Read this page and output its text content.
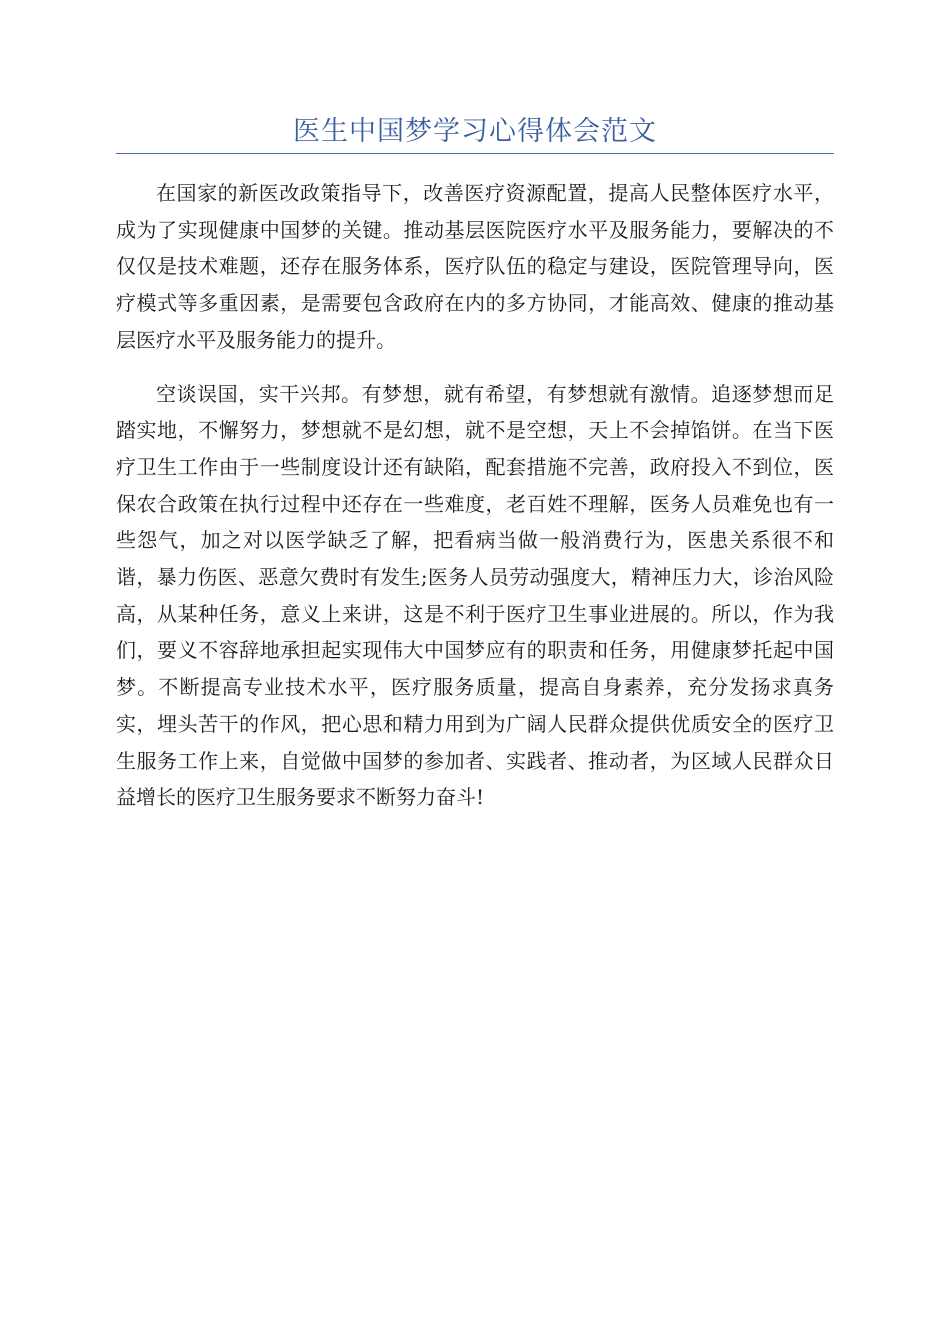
医生中国梦学习心得体会范文

在国家的新医改政策指导下，改善医疗资源配置，提高人民整体医疗水平，成为了实现健康中国梦的关键。推动基层医院医疗水平及服务能力，要解决的不仅仅是技术难题，还存在服务体系，医疗队伍的稳定与建设，医院管理导向，医疗模式等多重因素，是需要包含政府在内的多方协同，才能高效、健康的推动基层医疗水平及服务能力的提升。

空谈误国，实干兴邦。有梦想，就有希望，有梦想就有激情。追逐梦想而足踏实地，不懈努力，梦想就不是幻想，就不是空想，天上不会掉馅饼。在当下医疗卫生工作由于一些制度设计还有缺陷，配套措施不完善，政府投入不到位，医保农合政策在执行过程中还存在一些难度，老百姓不理解，医务人员难免也有一些怨气，加之对以医学缺乏了解，把看病当做一般消费行为，医患关系很不和谐，暴力伤医、恶意欠费时有发生;医务人员劳动强度大，精神压力大，诊治风险高，从某种任务，意义上来讲，这是不利于医疗卫生事业进展的。所以，作为我们，要义不容辞地承担起实现伟大中国梦应有的职责和任务，用健康梦托起中国梦。不断提高专业技术水平，医疗服务质量，提高自身素养，充分发扬求真务实，埋头苦干的作风，把心思和精力用到为广阔人民群众提供优质安全的医疗卫生服务工作上来，自觉做中国梦的参加者、实践者、推动者，为区域人民群众日益增长的医疗卫生服务要求不断努力奋斗!
